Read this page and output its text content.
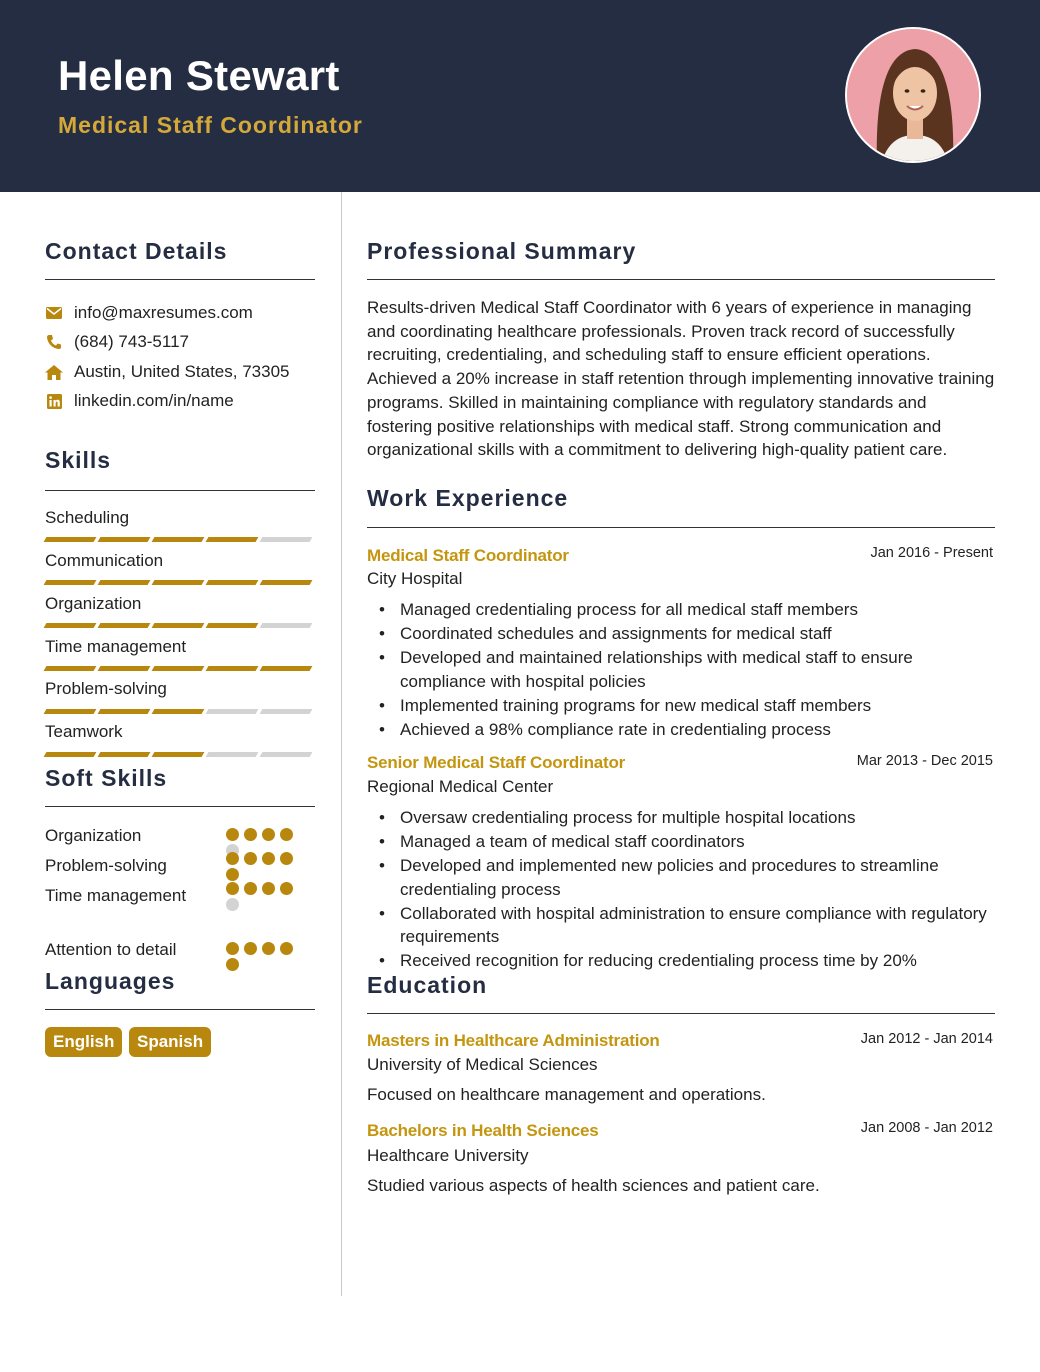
Helen Stewart
Medical Staff Coordinator
Contact Details
info@maxresumes.com
(684) 743-5117
Austin, United States, 73305
linkedin.com/in/name
Skills
Scheduling
Communication
Organization
Time management
Problem-solving
Teamwork
Soft Skills
Organization
Problem-solving
Time management
Attention to detail
Languages
English	Spanish
Professional Summary
Results-driven Medical Staff Coordinator with 6 years of experience in managing and coordinating healthcare professionals. Proven track record of successfully recruiting, credentialing, and scheduling staff to ensure efficient operations. Achieved a 20% increase in staff retention through implementing innovative training programs. Skilled in maintaining compliance with regulatory standards and fostering positive relationships with medical staff. Strong communication and organizational skills with a commitment to delivering high-quality patient care.
Work Experience
Medical Staff Coordinator	Jan 2016 - Present
City Hospital
• Managed credentialing process for all medical staff members
• Coordinated schedules and assignments for medical staff
• Developed and maintained relationships with medical staff to ensure compliance with hospital policies
• Implemented training programs for new medical staff members
• Achieved a 98% compliance rate in credentialing process
Senior Medical Staff Coordinator	Mar 2013 - Dec 2015
Regional Medical Center
• Oversaw credentialing process for multiple hospital locations
• Managed a team of medical staff coordinators
• Developed and implemented new policies and procedures to streamline credentialing process
• Collaborated with hospital administration to ensure compliance with regulatory requirements
• Received recognition for reducing credentialing process time by 20%
Education
Masters in Healthcare Administration	Jan 2012 - Jan 2014
University of Medical Sciences
Focused on healthcare management and operations.
Bachelors in Health Sciences	Jan 2008 - Jan 2012
Healthcare University
Studied various aspects of health sciences and patient care.
